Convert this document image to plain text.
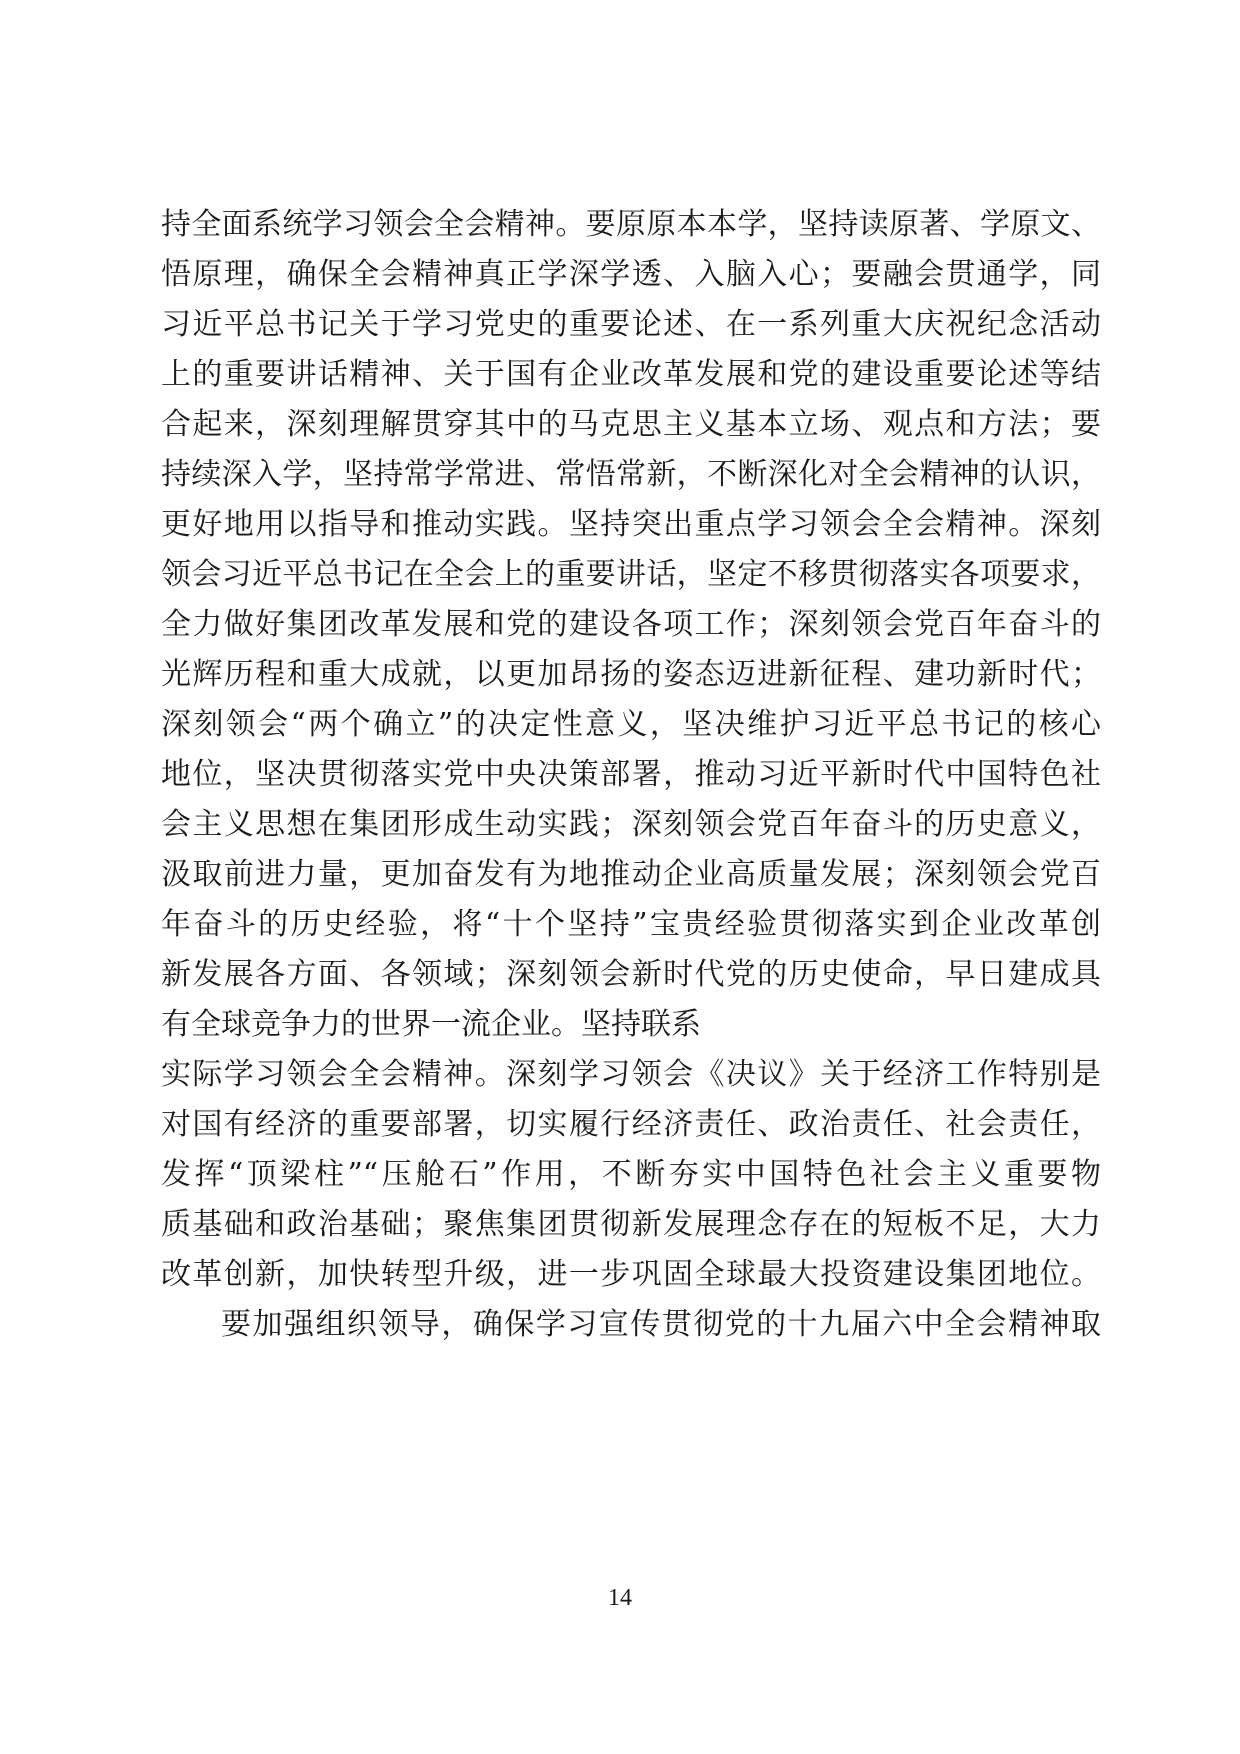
持全面系统学习领会全会精神。要原原本本学，坚持读原著、学原文、
悟原理，确保全会精神真正学深学透、入脑入心；要融会贯通学，同
习近平总书记关于学习党史的重要论述、在一系列重大庆祝纪念活动
上的重要讲话精神、关于国有企业改革发展和党的建设重要论述等结
合起来，深刻理解贯穿其中的马克思主义基本立场、观点和方法；要
持续深入学，坚持常学常进、常悟常新，不断深化对全会精神的认识，
更好地用以指导和推动实践。坚持突出重点学习领会全会精神。深刻
领会习近平总书记在全会上的重要讲话，坚定不移贯彻落实各项要求，
全力做好集团改革发展和党的建设各项工作；深刻领会党百年奋斗的
光辉历程和重大成就，以更加昂扬的姿态迈进新征程、建功新时代；
深刻领会“两个确立”的决定性意义，坚决维护习近平总书记的核心
地位，坚决贯彻落实党中央决策部署，推动习近平新时代中国特色社
会主义思想在集团形成生动实践；深刻领会党百年奋斗的历史意义，
汲取前进力量，更加奋发有为地推动企业高质量发展；深刻领会党百
年奋斗的历史经验，将“十个坚持”宝贵经验贯彻落实到企业改革创
新发展各方面、各领域；深刻领会新时代党的历史使命，早日建成具
有全球竞争力的世界一流企业。坚持联系
实际学习领会全会精神。深刻学习领会《决议》关于经济工作特别是
对国有经济的重要部署，切实履行经济责任、政治责任、社会责任，
发挥“顶梁柱”“压舱石”作用，不断夯实中国特色社会主义重要物
质基础和政治基础；聚焦集团贯彻新发展理念存在的短板不足，大力
改革创新，加快转型升级，进一步巩固全球最大投资建设集团地位。
要加强组织领导，确保学习宣传贯彻党的十九届六中全会精神取
14
